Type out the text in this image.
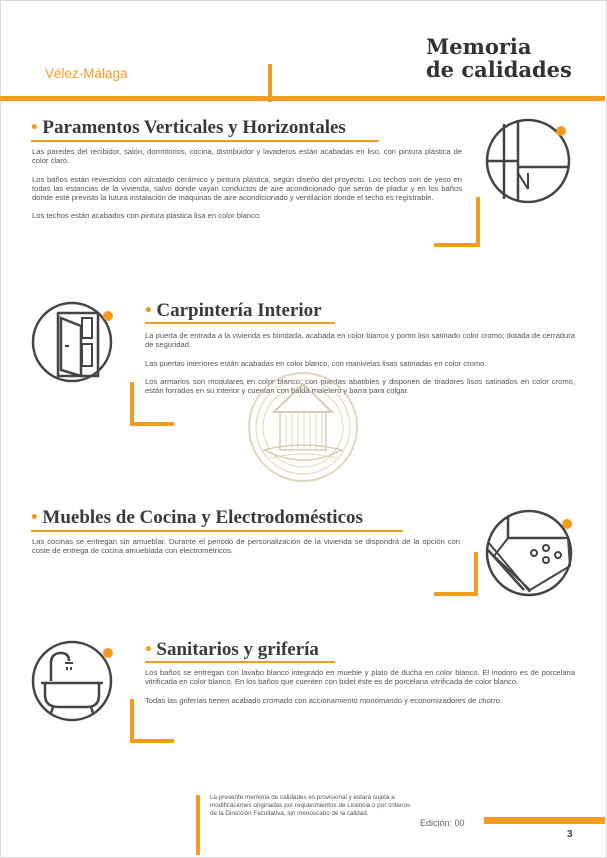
Vélez-Málaga
Memoria
de calidades
• Paramentos Verticales y Horizontales

Las paredes del recibidor, salón, dormitorios, cocina, distribuidor y lavaderos están acabadas en liso, con pintura plástica de color claro.

Los baños están revestidos con alicatado cerámico y pintura plástica, según diseño del proyecto. Los techos son de yeso en todas las estancias de la vivienda, salvo donde vayan conductos de aire acondicionado que serán de pladur y en los baños donde esté previsto la futura instalación de máquinas de aire acondicionado y ventilación donde el techo es registrable.

Los techos están acabados con pintura plástica lisa en color blanco.

• Carpintería Interior

La puerta de entrada a la vivienda es blindada, acabada en color blanco y pomo liso satinado color cromo; dotada de cerradura de seguridad.

Las puertas interiores están acabadas en color blanco, con manivelas lisas satinadas en color cromo.

Los armarios son modulares en color blanco, con puertas abatibles y disponen de tiradores lisos satinados en color cromo, están forrados en su interior y cuentan con balda maletero y barra para colgar.

• Muebles de Cocina y Electrodomésticos

Las cocinas se entregan sin amueblar. Durante el periodo de personalización de la vivienda se dispondrá de la opción con coste de entrega de cocina amueblada con electrométricos.

• Sanitarios y grifería

Los baños se entregan con lavabo blanco integrado en mueble y plato de ducha en color blanco. El inodoro es de porcelana vitrificada en color blanco. En los baños que cuenten con bidet éste es de porcelana vitrificada de color blanco.

Todas las griferías tienen acabado cromado con accionamiento monomando y economizadores de chorro.

La presente memoria de calidades es provisional y estará sujeta a modificaciones originadas por requerimientos de Licencia o por criterios de la Dirección Facultativa, sin menoscabo de la calidad.
Edición: 00
3
